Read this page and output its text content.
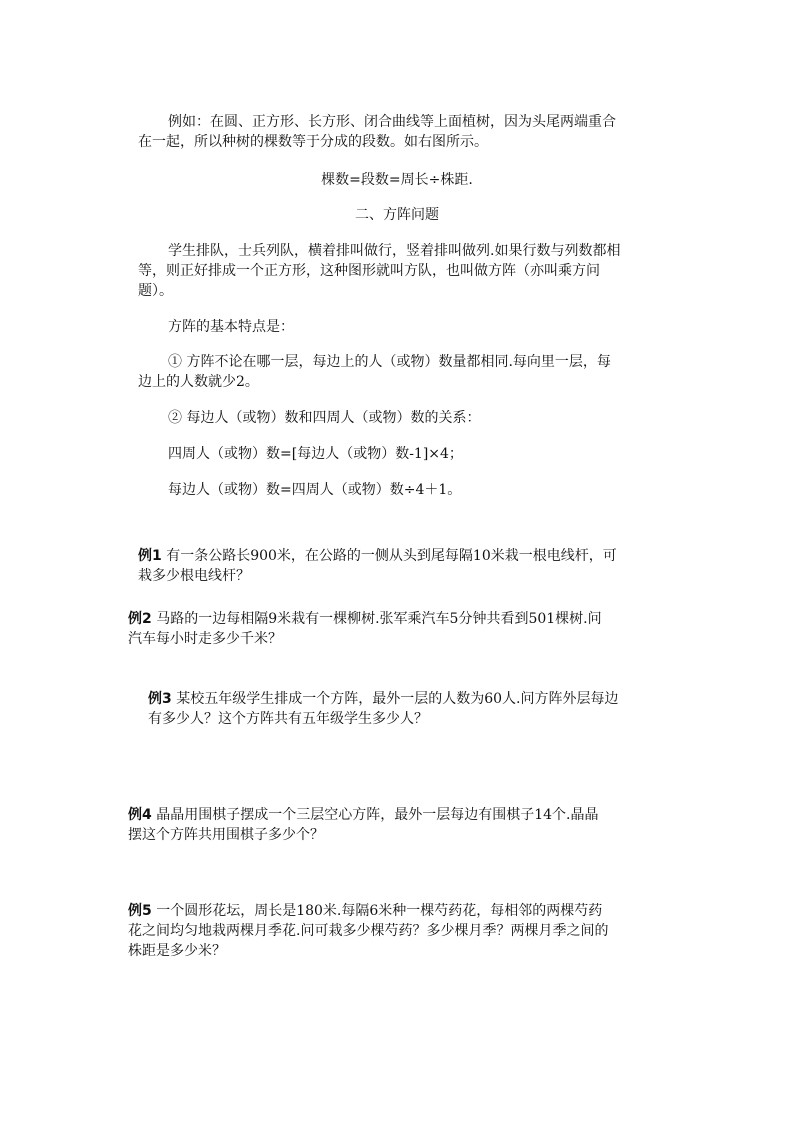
例如：在圆、正方形、长方形、闭合曲线等上面植树，因为头尾两端重合

在一起，所以种树的棵数等于分成的段数。如右图所示。

棵数=段数=周长÷株距.

二、方阵问题

学生排队，士兵列队，横着排叫做行，竖着排叫做列.如果行数与列数都相

等，则正好排成一个正方形，这种图形就叫方队，也叫做方阵（亦叫乘方问

题）。

方阵的基本特点是：

① 方阵不论在哪一层，每边上的人（或物）数量都相同.每向里一层，每

边上的人数就少2。

② 每边人（或物）数和四周人（或物）数的关系：

四周人（或物）数=[每边人（或物）数-1]×4；

每边人（或物）数=四周人（或物）数÷4＋1。

例1 有一条公路长900米，在公路的一侧从头到尾每隔10米栽一根电线杆，可

栽多少根电线杆？

例2 马路的一边每相隔9米栽有一棵柳树.张军乘汽车5分钟共看到501棵树.问

汽车每小时走多少千米？

例3 某校五年级学生排成一个方阵，最外一层的人数为60人.问方阵外层每边

有多少人？这个方阵共有五年级学生多少人？

例4 晶晶用围棋子摆成一个三层空心方阵，最外一层每边有围棋子14个.晶晶

摆这个方阵共用围棋子多少个？

例5 一个圆形花坛，周长是180米.每隔6米种一棵芍药花，每相邻的两棵芍药

花之间均匀地栽两棵月季花.问可栽多少棵芍药？多少棵月季？两棵月季之间的

株距是多少米？
